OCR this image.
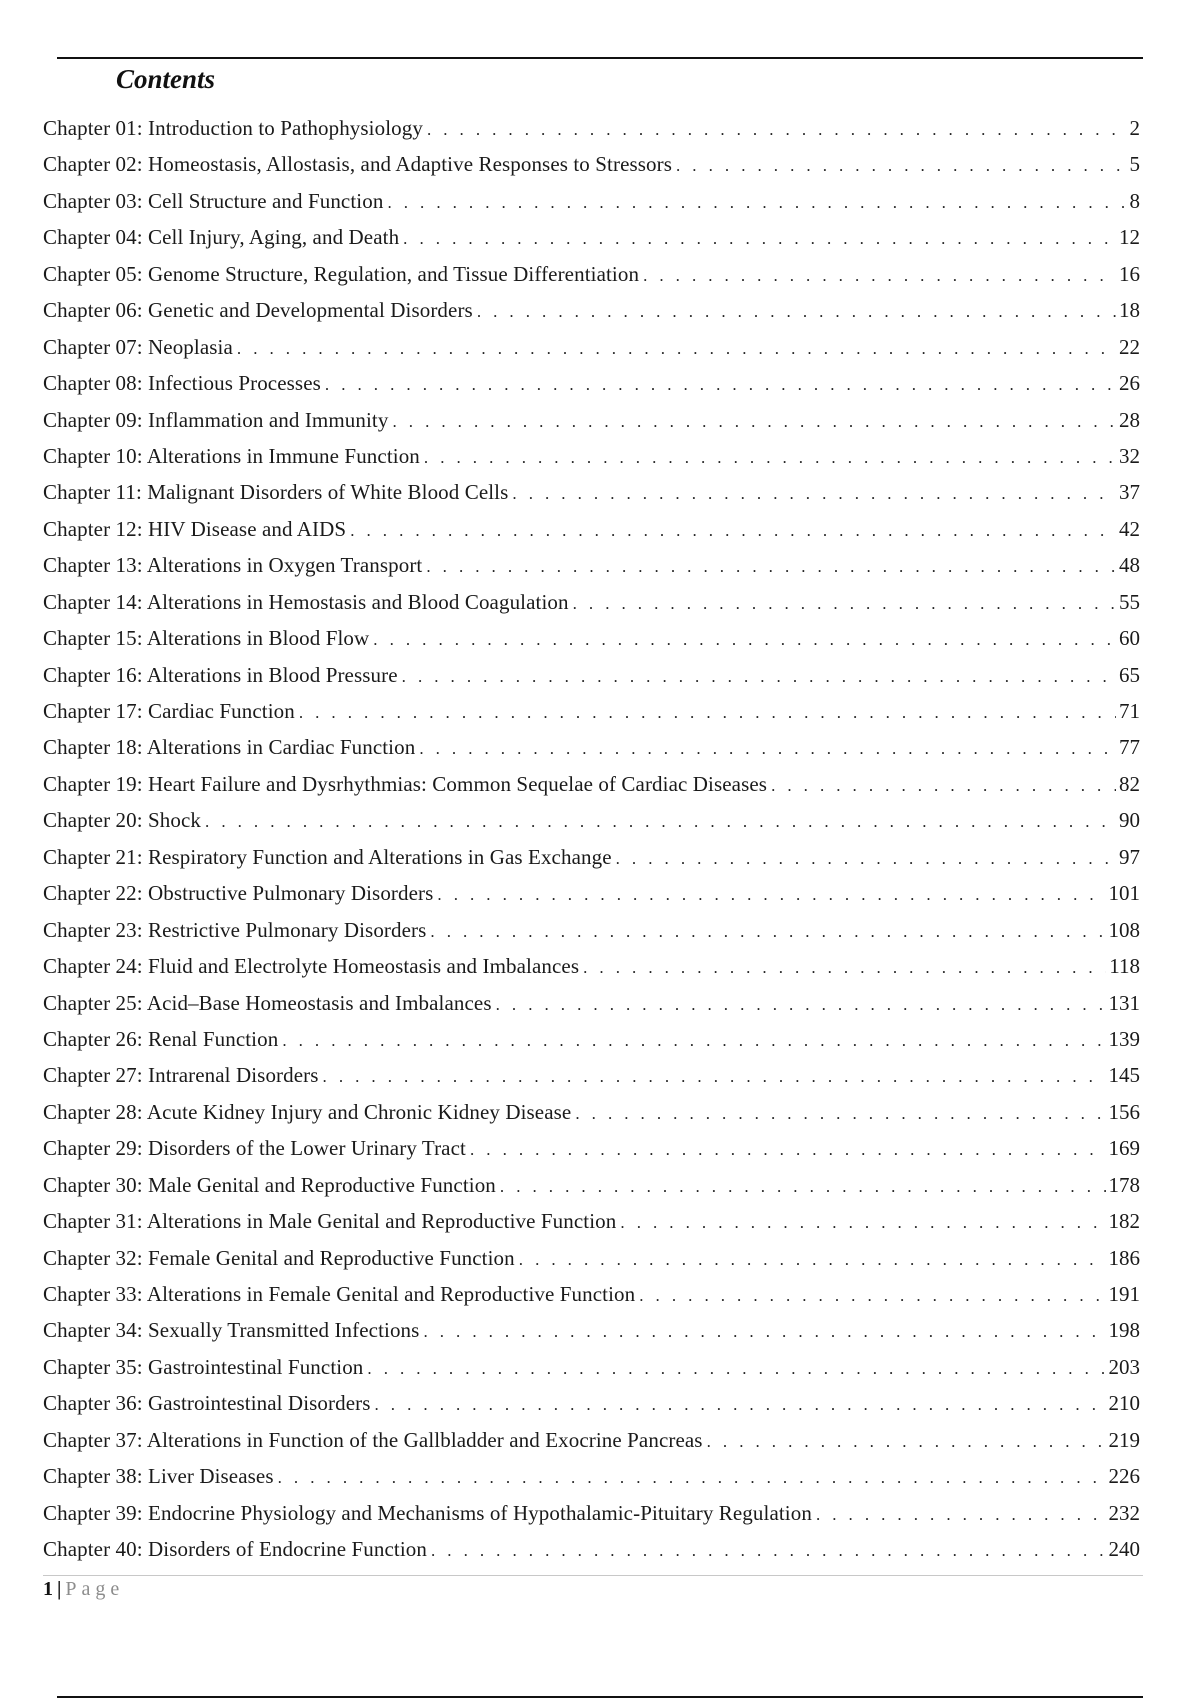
Contents
Chapter 01: Introduction to Pathophysiology . . .	2
Chapter 02: Homeostasis, Allostasis, and Adaptive Responses to Stressors . . .	5
Chapter 03: Cell Structure and Function . . .	8
Chapter 04: Cell Injury, Aging, and Death . . .	12
Chapter 05: Genome Structure, Regulation, and Tissue Differentiation . . .	16
Chapter 06: Genetic and Developmental Disorders . . .	18
Chapter 07: Neoplasia . . .	22
Chapter 08: Infectious Processes . . .	26
Chapter 09: Inflammation and Immunity . . .	28
Chapter 10: Alterations in Immune Function . . .	32
Chapter 11: Malignant Disorders of White Blood Cells . . .	37
Chapter 12: HIV Disease and AIDS . . .	42
Chapter 13: Alterations in Oxygen Transport . . .	48
Chapter 14: Alterations in Hemostasis and Blood Coagulation . . .	55
Chapter 15: Alterations in Blood Flow . . .	60
Chapter 16: Alterations in Blood Pressure . . .	65
Chapter 17: Cardiac Function . . .	71
Chapter 18: Alterations in Cardiac Function . . .	77
Chapter 19: Heart Failure and Dysrhythmias: Common Sequelae of Cardiac Diseases . . .	82
Chapter 20: Shock . . .	90
Chapter 21: Respiratory Function and Alterations in Gas Exchange . . .	97
Chapter 22: Obstructive Pulmonary Disorders . . .	101
Chapter 23: Restrictive Pulmonary Disorders . . .	108
Chapter 24: Fluid and Electrolyte Homeostasis and Imbalances . . .	118
Chapter 25: Acid–Base Homeostasis and Imbalances . . .	131
Chapter 26: Renal Function . . .	139
Chapter 27: Intrarenal Disorders . . .	145
Chapter 28: Acute Kidney Injury and Chronic Kidney Disease . . .	156
Chapter 29: Disorders of the Lower Urinary Tract . . .	169
Chapter 30: Male Genital and Reproductive Function . . .	178
Chapter 31: Alterations in Male Genital and Reproductive Function . . .	182
Chapter 32: Female Genital and Reproductive Function . . .	186
Chapter 33: Alterations in Female Genital and Reproductive Function . . .	191
Chapter 34: Sexually Transmitted Infections . . .	198
Chapter 35: Gastrointestinal Function . . .	203
Chapter 36: Gastrointestinal Disorders . . .	210
Chapter 37: Alterations in Function of the Gallbladder and Exocrine Pancreas . . .	219
Chapter 38: Liver Diseases . . .	226
Chapter 39: Endocrine Physiology and Mechanisms of Hypothalamic-Pituitary Regulation . . .	232
Chapter 40: Disorders of Endocrine Function . . .	240
1 | Page
